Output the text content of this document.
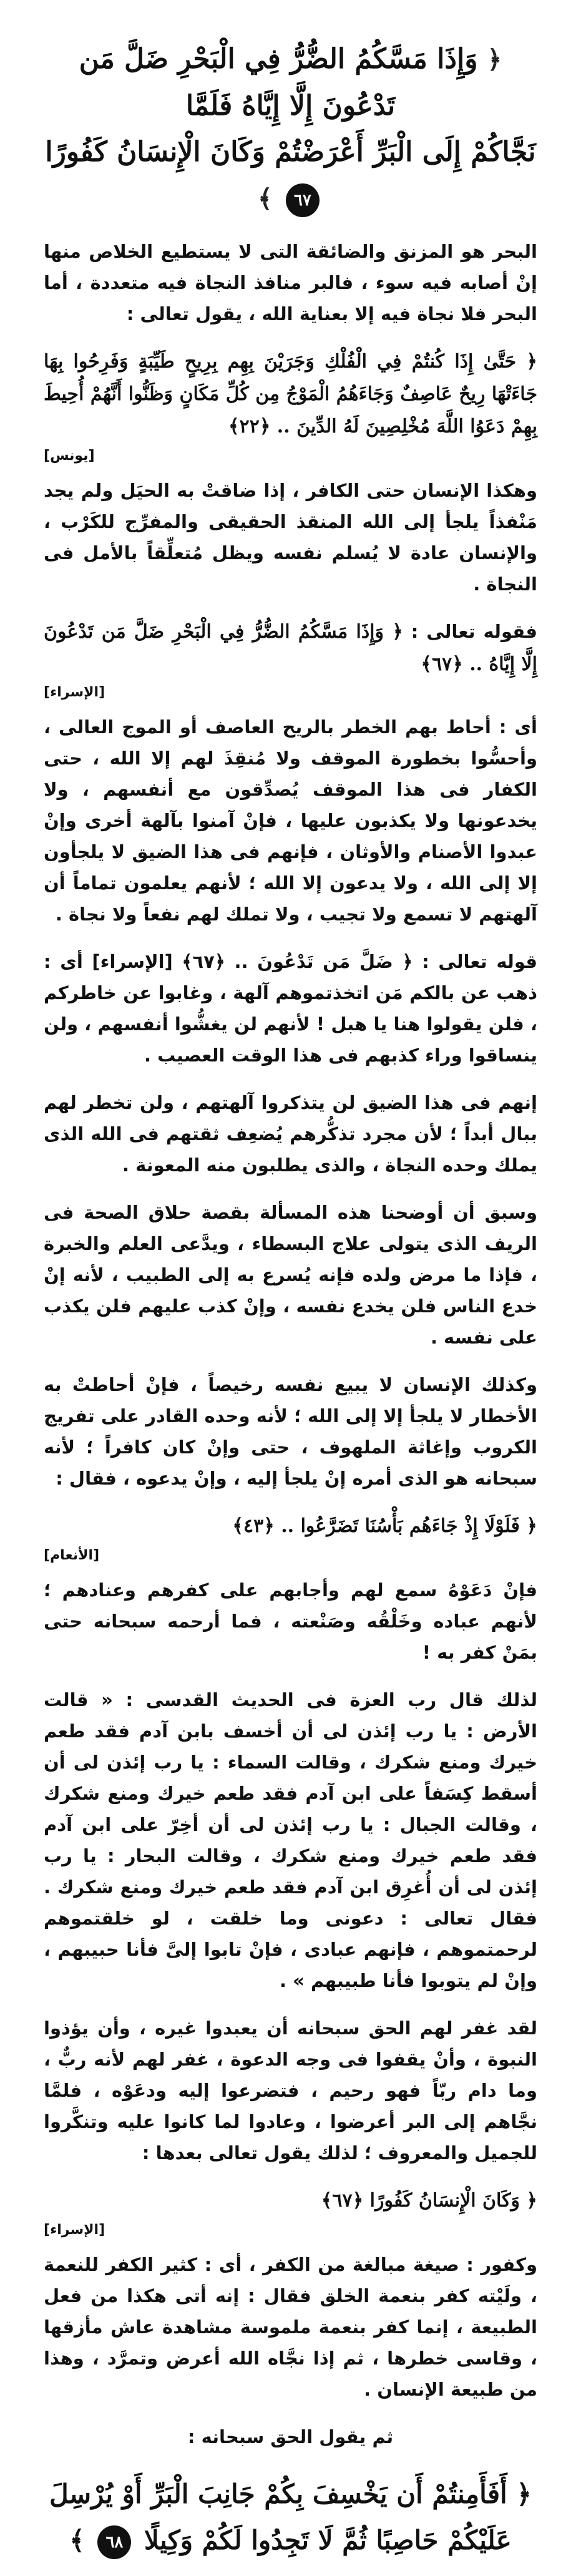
﴿ وَإِذَا مَسَّكُمُ الضُّرُّ فِي الْبَحْرِ ضَلَّ مَن تَدْعُونَ إِلَّا إِيَّاهُ فَلَمَّا
نَجَّاكُمْ إِلَى الْبَرِّ أَعْرَضْتُمْ وَكَانَ الْإِنسَانُ كَفُورًا ٦٧ ﴾

البحر هو المزنق والضائقة التى لا يستطيع الخلاص منها إنْ أصابه فيه سوء ، فالبر منافذ النجاة فيه متعددة ، أما البحر فلا نجاة فيه إلا بعناية الله ، يقول تعالى :

﴿ حَتَّىٰ إِذَا كُنتُمْ فِي الْفُلْكِ وَجَرَيْنَ بِهِم بِرِيحٍ طَيِّبَةٍ وَفَرِحُوا بِهَا جَاءَتْهَا رِيحٌ عَاصِفٌ وَجَاءَهُمُ الْمَوْجُ مِن كُلِّ مَكَانٍ وَظَنُّوا أَنَّهُمْ أُحِيطَ بِهِمْ دَعَوُا اللَّهَ مُخْلِصِينَ لَهُ الدِّينَ .. ﴿٢٢﴾

[يونس]

وهكذا الإنسان حتى الكافر ، إذا ضاقتْ به الحيَل ولم يجد مَنْفذاً يلجأ إلى الله المنقذ الحقيقى والمفرِّج للكَرْب ، والإنسان عادة لا يُسلم نفسه ويظل مُتعلِّقاً بالأمل فى النجاة .

فقوله تعالى : ﴿ وَإِذَا مَسَّكُمُ الضُّرُّ فِي الْبَحْرِ ضَلَّ مَن تَدْعُونَ إِلَّا إِيَّاهُ .. ﴿٦٧﴾

[الإسراء]

أى : أحاط بهم الخطر بالريح العاصف أو الموج العالى ، وأحسُّوا بخطورة الموقف ولا مُنقِذَ لهم إلا الله ، حتى الكفار فى هذا الموقف يُصدِّقون مع أنفسهم ، ولا يخدعونها ولا يكذبون عليها ، فإنْ آمنوا بآلهة أخرى وإنْ عبدوا الأصنام والأوثان ، فإنهم فى هذا الضيق لا يلجأون إلا إلى الله ، ولا يدعون إلا الله ؛ لأنهم يعلمون تماماً أن آلهتهم لا تسمع ولا تجيب ، ولا تملك لهم نفعاً ولا نجاة .

قوله تعالى : ﴿ ضَلَّ مَن تَدْعُونَ .. ﴿٦٧﴾ [الإسراء] أى : ذهب عن بالكم مَن اتخذتموهم آلهة ، وغابوا عن خاطركم ، فلن يقولوا هنا يا هبل ! لأنهم لن يغشُّوا أنفسهم ، ولن ينساقوا وراء كذبهم فى هذا الوقت العصيب .

إنهم فى هذا الضيق لن يتذكروا آلهتهم ، ولن تخطر لهم ببال أبداً ؛ لأن مجرد تذكُّرهم يُضعِف ثقتهم فى الله الذى يملك وحده النجاة ، والذى يطلبون منه المعونة .

وسبق أن أوضحنا هذه المسألة بقصة حلاق الصحة فى الريف الذى يتولى علاج البسطاء ، ويدَّعى العلم والخبرة ، فإذا ما مرض ولده فإنه يُسرع به إلى الطبيب ، لأنه إنْ خدع الناس فلن يخدع نفسه ، وإنْ كذب عليهم فلن يكذب على نفسه .

وكذلك الإنسان لا يبيع نفسه رخيصاً ، فإنْ أحاطتْ به الأخطار لا يلجأ إلا إلى الله ؛ لأنه وحده القادر على تفريج الكروب وإغاثة الملهوف ، حتى وإنْ كان كافراً ؛ لأنه سبحانه هو الذى أمره إنْ يلجأ إليه ، وإنْ يدعوه ، فقال :

﴿ فَلَوْلَا إِذْ جَاءَهُم بَأْسُنَا تَضَرَّعُوا .. ﴿٤٣﴾

[الأنعام]

فإنْ دَعَوْهُ سمع لهم وأجابهم على كفرهم وعنادهم ؛ لأنهم عباده وخَلْقُه وصَنْعته ، فما أرحمه سبحانه حتى بمَنْ كفر به !

لذلك قال رب العزة فى الحديث القدسى : « قالت الأرض : يا رب إئذن لى أن أخسف بابن آدم فقد طعم خيرك ومنع شكرك ، وقالت السماء : يا رب إئذن لى أن أسقط كِسَفاً على ابن آدم فقد طعم خيرك ومنع شكرك ، وقالت الجبال : يا رب إئذن لى أن أخِرّ على ابن آدم فقد طعم خيرك ومنع شكرك ، وقالت البحار : يا رب إئذن لى أن أُغرِق ابن آدم فقد طعم خيرك ومنع شكرك . فقال تعالى : دعونى وما خلقت ، لو خلقتموهم لرحمتموهم ، فإنهم عبادى ، فإنْ تابوا إلىَّ فأنا حبيبهم ، وإنْ لم يتوبوا فأنا طبيبهم » .

لقد غفر لهم الحق سبحانه أن يعبدوا غيره ، وأن يؤذوا النبوة ، وأنْ يقفوا فى وجه الدعوة ، غفر لهم لأنه ربٌّ ، وما دام ربّاً فهو رحيم ، فتضرعوا إليه ودعَوْه ، فلمَّا نجَّاهم إلى البر أعرضوا ، وعادوا لما كانوا عليه وتنكَّروا للجميل والمعروف ؛ لذلك يقول تعالى بعدها :

﴿ وَكَانَ الْإِنسَانُ كَفُورًا ﴿٦٧﴾

[الإسراء]

وكفور : صيغة مبالغة من الكفر ، أى : كثير الكفر للنعمة ، ولَيْته كفر بنعمة الخلق فقال : إنه أتى هكذا من فعل الطبيعة ، إنما كفر بنعمة ملموسة مشاهدة عاش مأزقها ، وقاسى خطرها ، ثم إذا نجَّاه الله أعرض وتمرَّد ، وهذا من طبيعة الإنسان .

ثم يقول الحق سبحانه :

﴿ أَفَأَمِنتُمْ أَن يَخْسِفَ بِكُمْ جَانِبَ الْبَرِّ أَوْ يُرْسِلَ
عَلَيْكُمْ حَاصِبًا ثُمَّ لَا تَجِدُوا لَكُمْ وَكِيلًا ٦٨ ﴾
